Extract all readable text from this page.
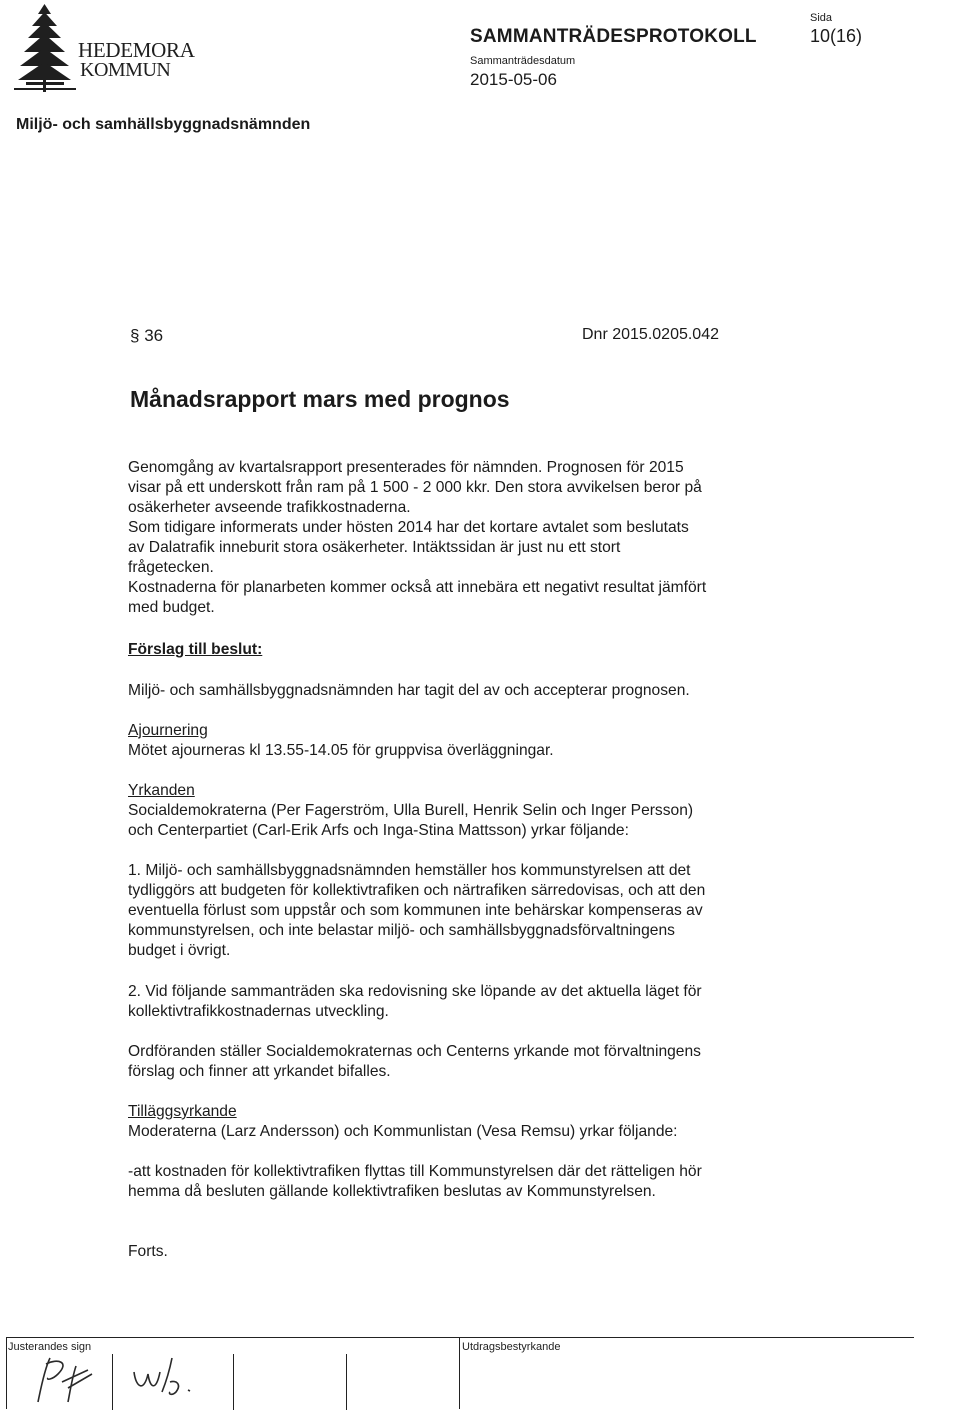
HEDEMORA
KOMMUN
SAMMANTRÄDESPROTOKOLL
Sammanträdesdatum
2015-05-06
Sida
10(16)
Miljö- och samhällsbyggnadsnämnden
§ 36	Dnr 2015.0205.042
Månadsrapport mars med prognos

Genomgång av kvartalsrapport presenterades för nämnden. Prognosen för 2015

visar på ett underskott från ram på 1 500 - 2 000 kkr. Den stora avvikelsen beror på

osäkerheter avseende trafikkostnaderna.

Som tidigare informerats under hösten 2014 har det kortare avtalet som beslutats

av Dalatrafik inneburit stora osäkerheter. Intäktssidan är just nu ett stort

frågetecken.

Kostnaderna för planarbeten kommer också att innebära ett negativt resultat jämfört

med budget.

Förslag till beslut:

Miljö- och samhällsbyggnadsnämnden har tagit del av och accepterar prognosen.

Ajournering

Mötet ajourneras kl 13.55-14.05 för gruppvisa överläggningar.

Yrkanden

Socialdemokraterna (Per Fagerström, Ulla Burell, Henrik Selin och Inger Persson)

och Centerpartiet (Carl-Erik Arfs och Inga-Stina Mattsson) yrkar följande:

1. Miljö- och samhällsbyggnadsnämnden hemställer hos kommunstyrelsen att det

tydliggörs att budgeten för kollektivtrafiken och närtrafiken särredovisas, och att den

eventuella förlust som uppstår och som kommunen inte behärskar kompenseras av

kommunstyrelsen, och inte belastar miljö- och samhällsbyggnadsförvaltningens

budget i övrigt.

2. Vid följande sammanträden ska redovisning ske löpande av det aktuella läget för

kollektivtrafikkostnadernas utveckling.

Ordföranden ställer Socialdemokraternas och Centerns yrkande mot förvaltningens

förslag och finner att yrkandet bifalles.

Tilläggsyrkande

Moderaterna (Larz Andersson) och Kommunlistan (Vesa Remsu) yrkar följande:

-att kostnaden för kollektivtrafiken flyttas till Kommunstyrelsen där det rätteligen hör

hemma då besluten gällande kollektivtrafiken beslutas av Kommunstyrelsen.

Forts.

Justerandes sign	Utdragsbestyrkande
